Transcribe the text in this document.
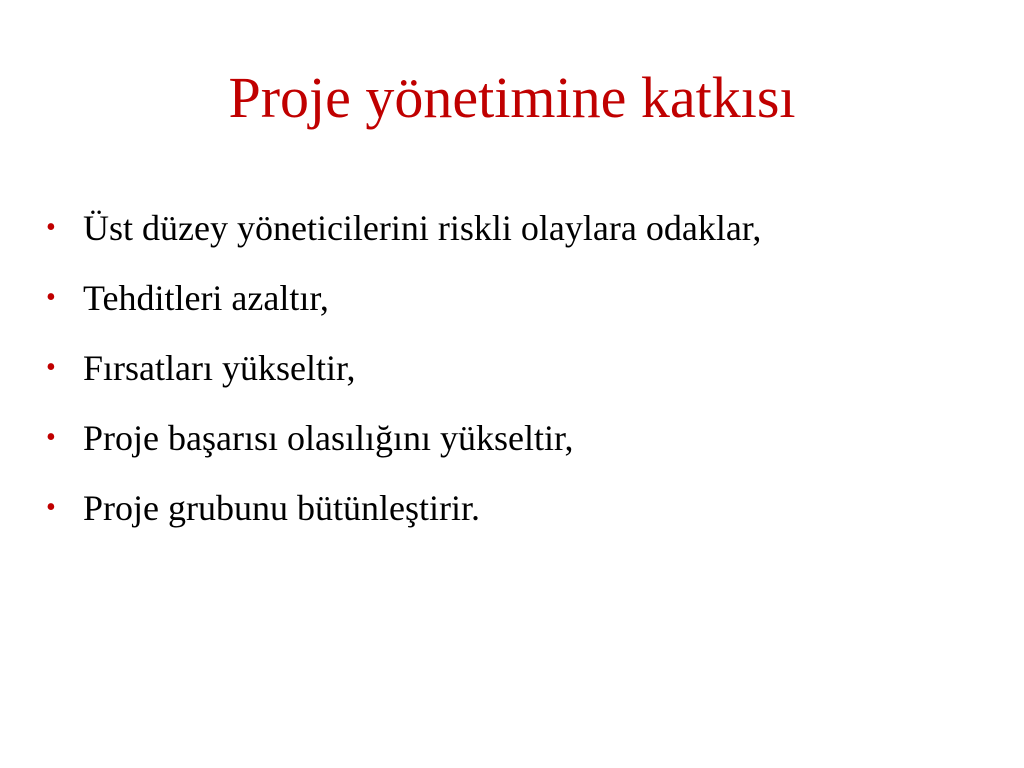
Proje yönetimine katkısı
• Üst düzey yöneticilerini riskli olaylara odaklar,
• Tehditleri azaltır,
• Fırsatları yükseltir,
• Proje başarısı olasılığını yükseltir,
• Proje grubunu bütünleştirir.
